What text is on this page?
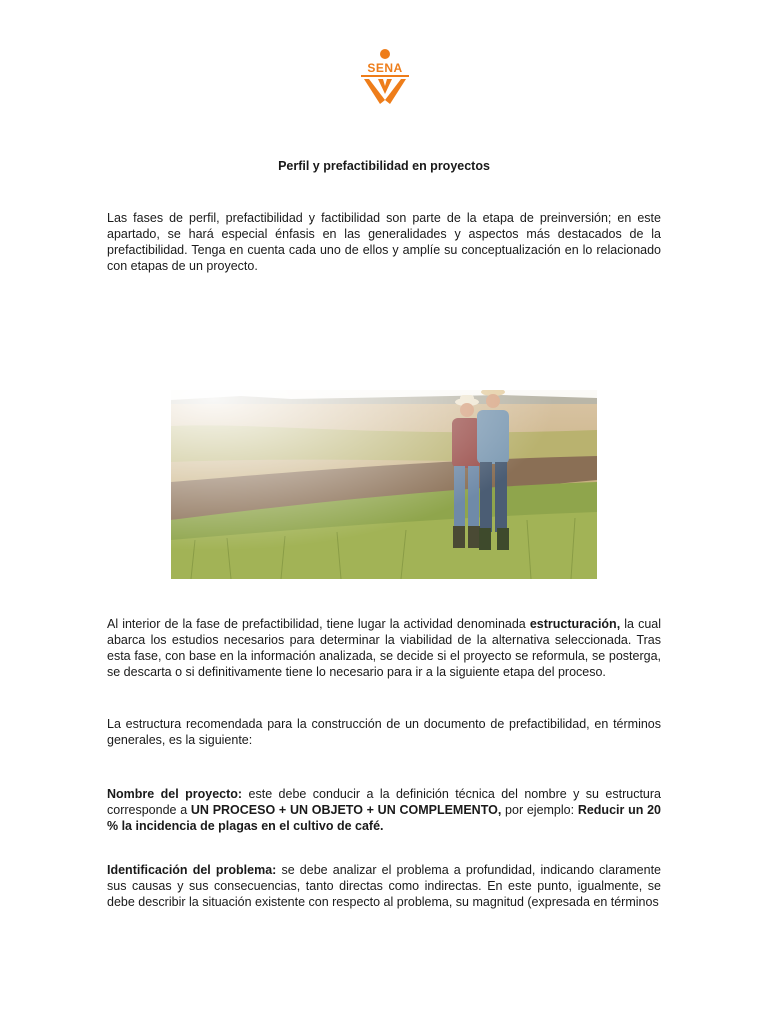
SENA
Perfil y prefactibilidad en proyectos

Las fases de perfil, prefactibilidad y factibilidad son parte de la etapa de preinversión; en este apartado, se hará especial énfasis en las generalidades y aspectos más destacados de la prefactibilidad. Tenga en cuenta cada uno de ellos y amplíe su conceptualización en lo relacionado con etapas de un proyecto.

Al interior de la fase de prefactibilidad, tiene lugar la actividad denominada estructuración, la cual abarca los estudios necesarios para determinar la viabilidad de la alternativa seleccionada. Tras esta fase, con base en la información analizada, se decide si el proyecto se reformula, se posterga, se descarta o si definitivamente tiene lo necesario para ir a la siguiente etapa del proceso.

La estructura recomendada para la construcción de un documento de prefactibilidad, en términos generales, es la siguiente:

Nombre del proyecto: este debe conducir a la definición técnica del nombre y su estructura corresponde a UN PROCESO + UN OBJETO + UN COMPLEMENTO, por ejemplo: Reducir un 20 % la incidencia de plagas en el cultivo de café.

Identificación del problema: se debe analizar el problema a profundidad, indicando claramente sus causas y sus consecuencias, tanto directas como indirectas. En este punto, igualmente, se debe describir la situación existente con respecto al problema, su magnitud (expresada en términos
